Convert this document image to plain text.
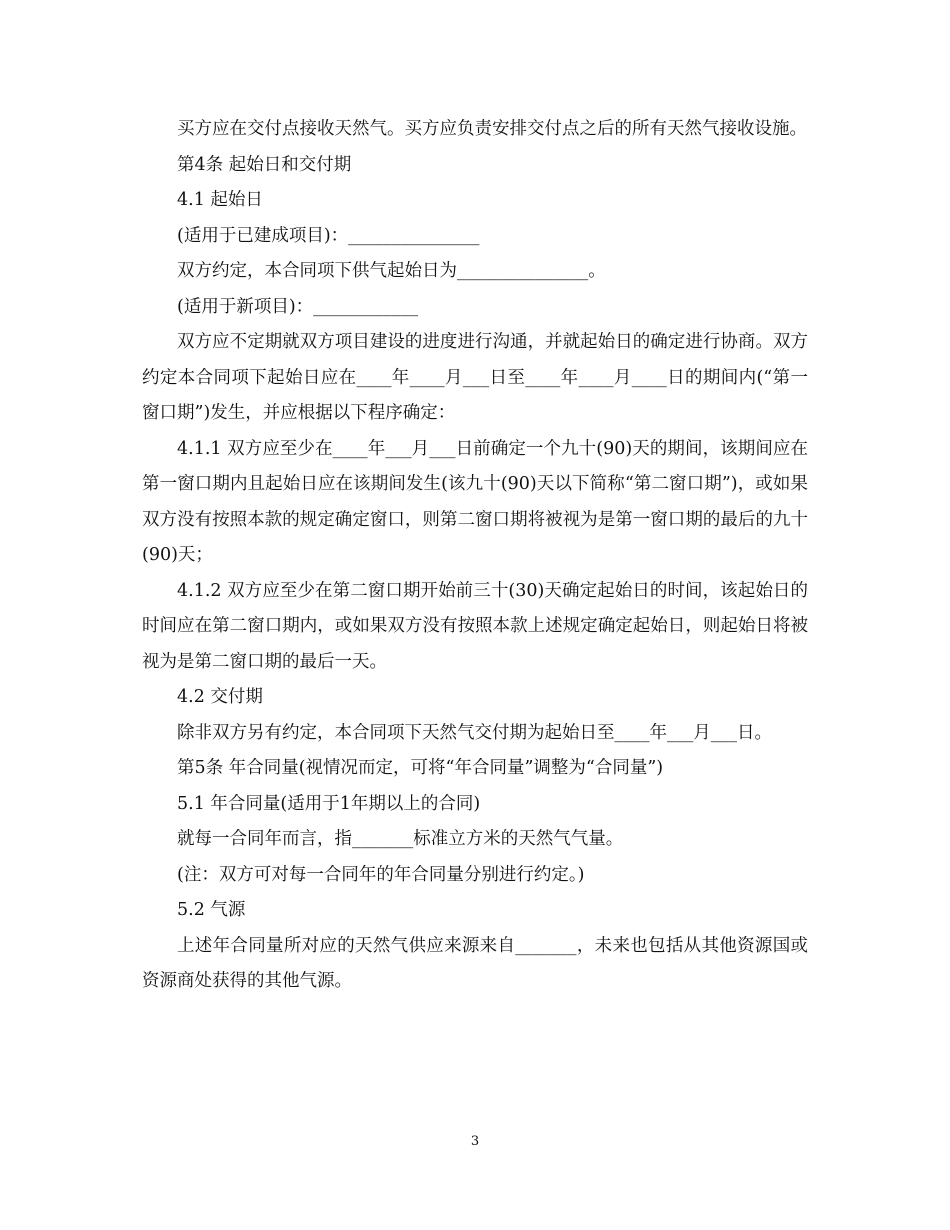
买方应在交付点接收天然气。买方应负责安排交付点之后的所有天然气接收设施。

第4条 起始日和交付期

4.1 起始日

(适用于已建成项目)：_______________

双方约定，本合同项下供气起始日为_______________。

(适用于新项目)：____________

双方应不定期就双方项目建设的进度进行沟通，并就起始日的确定进行协商。双方约定本合同项下起始日应在____年____月___日至____年____月____日的期间内(“第一窗口期”)发生，并应根据以下程序确定：

4.1.1 双方应至少在____年___月___日前确定一个九十(90)天的期间，该期间应在第一窗口期内且起始日应在该期间发生(该九十(90)天以下简称“第二窗口期”)，或如果双方没有按照本款的规定确定窗口，则第二窗口期将被视为是第一窗口期的最后的九十(90)天；

4.1.2 双方应至少在第二窗口期开始前三十(30)天确定起始日的时间，该起始日的时间应在第二窗口期内，或如果双方没有按照本款上述规定确定起始日，则起始日将被视为是第二窗口期的最后一天。

4.2 交付期

除非双方另有约定，本合同项下天然气交付期为起始日至____年___月___日。

第5条 年合同量(视情况而定，可将“年合同量”调整为“合同量”)

5.1 年合同量(适用于1年期以上的合同)

就每一合同年而言，指_______标准立方米的天然气气量。

(注：双方可对每一合同年的年合同量分别进行约定。)

5.2 气源

上述年合同量所对应的天然气供应来源来自_______，未来也包括从其他资源国或资源商处获得的其他气源。

3
